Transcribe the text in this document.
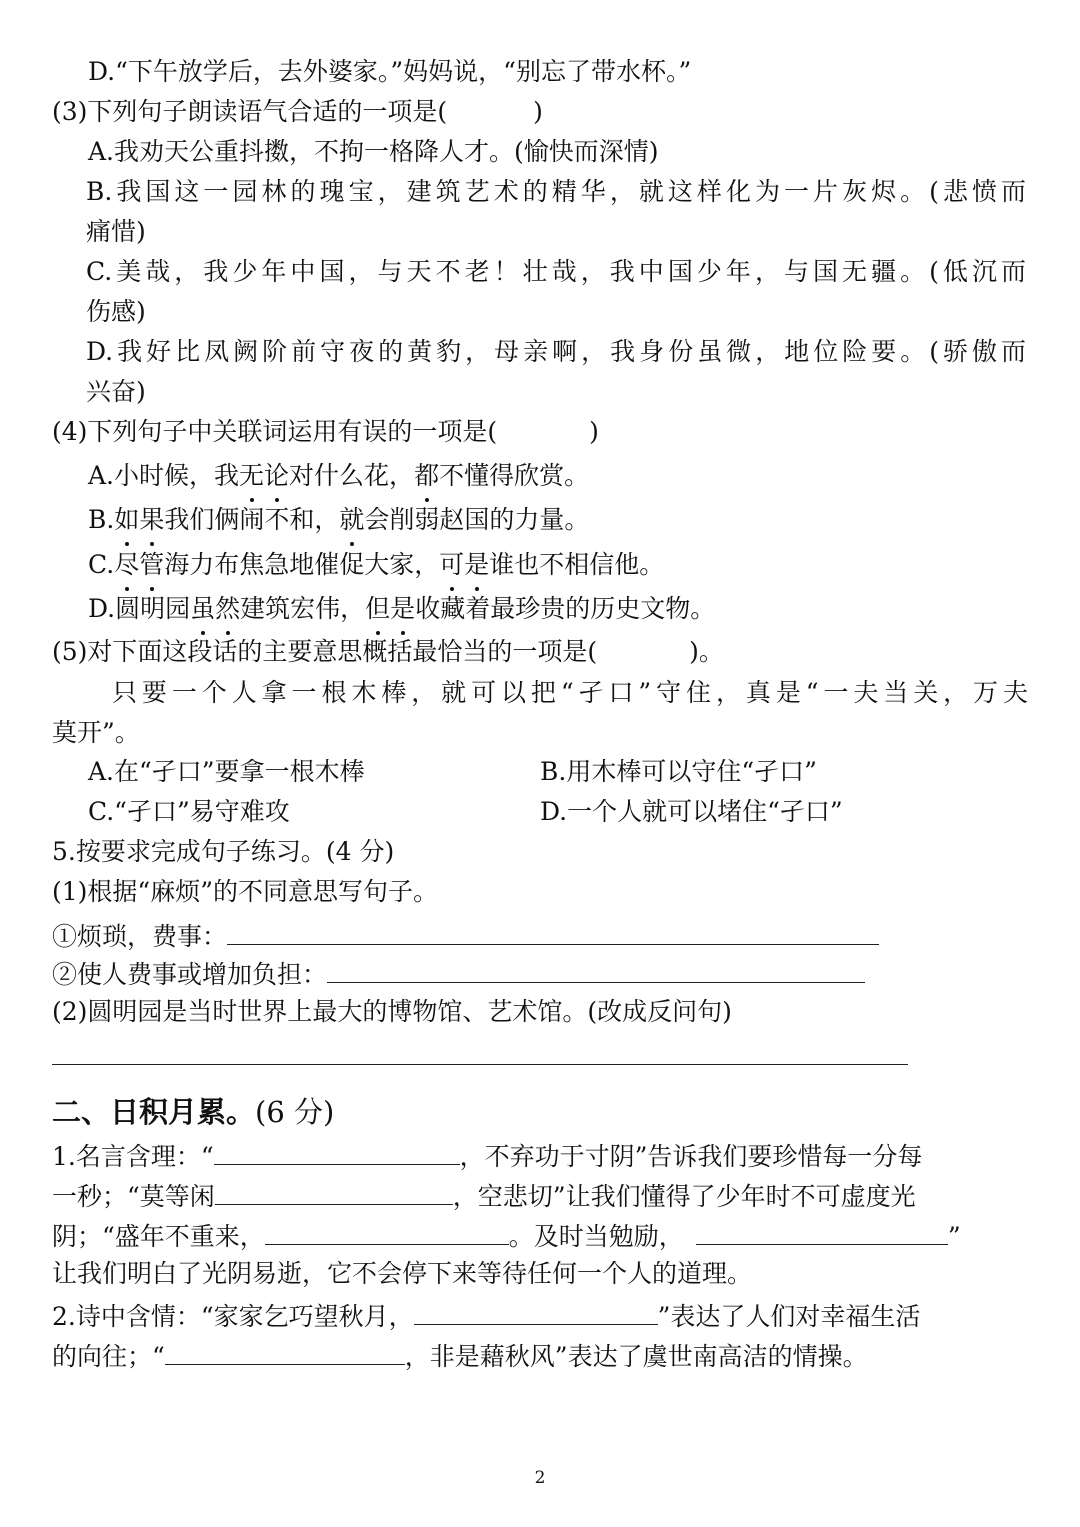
D.“下午放学后，去外婆家。”妈妈说，“别忘了带水杯。”
(3)下列句子朗读语气合适的一项是(	)
A.我劝天公重抖擞，不拘一格降人才。(愉快而深情)
B.我国这一园林的瑰宝，建筑艺术的精华，就这样化为一片灰烬。(悲愤而
痛惜)
C.美哉，我少年中国，与天不老！壮哉，我中国少年，与国无疆。(低沉而
伤感)
D.我好比凤阙阶前守夜的黄豹，母亲啊，我身份虽微，地位险要。(骄傲而
兴奋)
(4)下列句子中关联词运用有误的一项是(	)
A.小时候，我无论对什么花，都不懂得欣赏。
B.如果我们俩闹不和，就会削弱赵国的力量。
C.尽管海力布焦急地催促大家，可是谁也不相信他。
D.圆明园虽然建筑宏伟，但是收藏着最珍贵的历史文物。
(5)对下面这段话的主要意思概括最恰当的一项是(	)。
只要一个人拿一根木棒，就可以把“孑口”守住，真是“一夫当关，万夫
莫开”。
A.在“孑口”要拿一根木棒	B.用木棒可以守住“孑口”
C.“孑口”易守难攻	D.一个人就可以堵住“孑口”
5.按要求完成句子练习。(4 分)
(1)根据“麻烦”的不同意思写句子。
①烦琐，费事：
②使人费事或增加负担：
(2)圆明园是当时世界上最大的博物馆、艺术馆。(改成反问句)
二、日积月累。(6 分)
1.名言含理：“	，不弃功于寸阴”告诉我们要珍惜每一分每
一秒；“莫等闲	，空悲切”让我们懂得了少年时不可虚度光
阴；“盛年不重来，	。及时当勉励，	”
让我们明白了光阴易逝，它不会停下来等待任何一个人的道理。
2.诗中含情：“家家乞巧望秋月，	”表达了人们对幸福生活
的向往；“	，非是藉秋风”表达了虞世南高洁的情操。
2
